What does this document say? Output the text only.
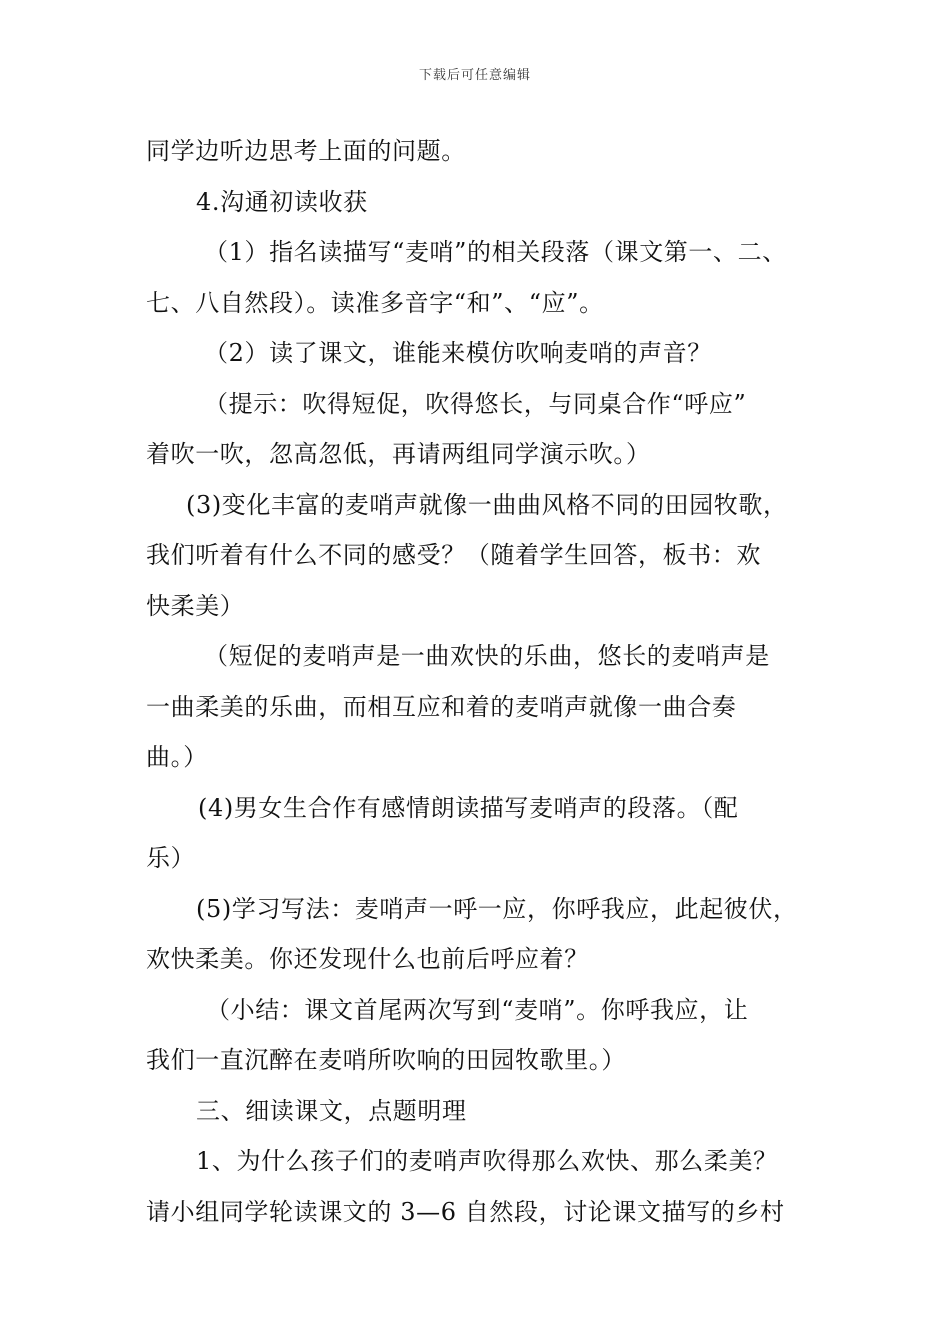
下载后可任意编辑
同学边听边思考上面的问题。
4.沟通初读收获
（1）指名读描写“麦哨”的相关段落（课文第一、二、
七、八自然段）。读准多音字“和”、“应”。
（2）读了课文，谁能来模仿吹响麦哨的声音？
（提示：吹得短促，吹得悠长，与同桌合作“呼应”
着吹一吹，忽高忽低，再请两组同学演示吹。）
(3)变化丰富的麦哨声就像一曲曲风格不同的田园牧歌，
我们听着有什么不同的感受？（随着学生回答，板书：欢
快柔美）
（短促的麦哨声是一曲欢快的乐曲，悠长的麦哨声是
一曲柔美的乐曲，而相互应和着的麦哨声就像一曲合奏
曲。）
(4)男女生合作有感情朗读描写麦哨声的段落。（配
乐）
(5)学习写法：麦哨声一呼一应，你呼我应，此起彼伏，
欢快柔美。你还发现什么也前后呼应着？
（小结：课文首尾两次写到“麦哨”。你呼我应，让
我们一直沉醉在麦哨所吹响的田园牧歌里。）
三、细读课文，点题明理
1、为什么孩子们的麦哨声吹得那么欢快、那么柔美？
请小组同学轮读课文的 3—6 自然段，讨论课文描写的乡村
